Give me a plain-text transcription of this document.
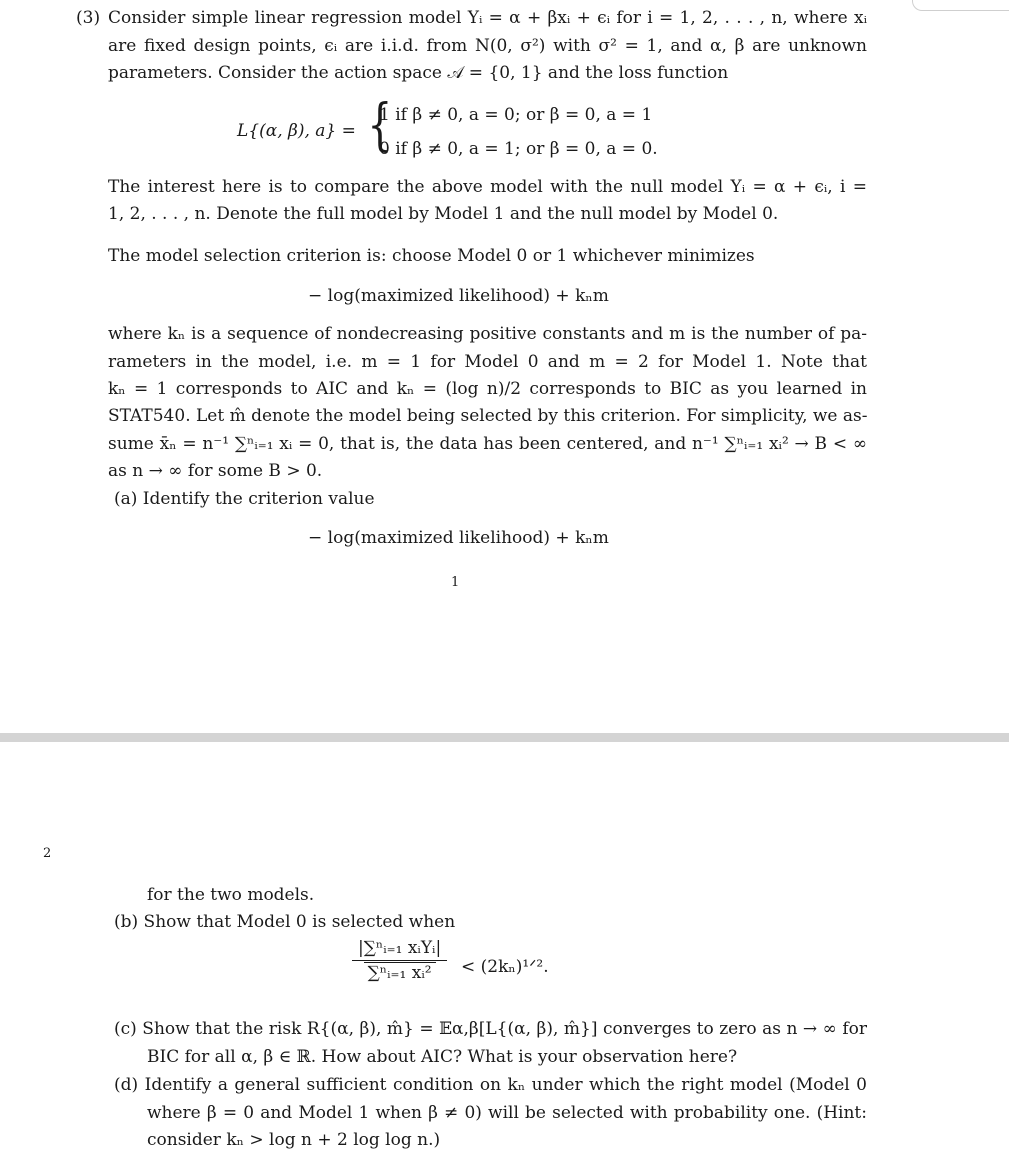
(3) Consider simple linear regression model Yᵢ = α + βxᵢ + ϵᵢ for i = 1, 2, . . . , n, where xᵢ
are fixed design points, ϵᵢ are i.i.d. from N(0, σ²) with σ² = 1, and α, β are unknown
parameters. Consider the action space 𝒜 = {0, 1} and the loss function
L{(α, β), a} = {
1 if β ≠ 0, a = 0; or β = 0, a = 1
0 if β ≠ 0, a = 1; or β = 0, a = 0.
The interest here is to compare the above model with the null model Yᵢ = α + ϵᵢ, i =
1, 2, . . . , n. Denote the full model by Model 1 and the null model by Model 0.
The model selection criterion is: choose Model 0 or 1 whichever minimizes
− log(maximized likelihood) + kₙm
where kₙ is a sequence of nondecreasing positive constants and m is the number of pa-
rameters in the model, i.e. m = 1 for Model 0 and m = 2 for Model 1. Note that
kₙ = 1 corresponds to AIC and kₙ = (log n)/2 corresponds to BIC as you learned in
STAT540. Let m̂ denote the model being selected by this criterion. For simplicity, we as-
sume x̄ₙ = n⁻¹ ∑ⁿᵢ₌₁ xᵢ = 0, that is, the data has been centered, and n⁻¹ ∑ⁿᵢ₌₁ xᵢ² → B < ∞
as n → ∞ for some B > 0.
(a) Identify the criterion value
− log(maximized likelihood) + kₙm
1
2
for the two models.
(b) Show that Model 0 is selected when
|∑ⁿᵢ₌₁ xᵢYᵢ|
∑ⁿᵢ₌₁ xᵢ²	< (2kₙ)¹ᐟ².
(c) Show that the risk R{(α, β), m̂} = 𝔼α,β[L{(α, β), m̂}] converges to zero as n → ∞ for
BIC for all α, β ∈ ℝ. How about AIC? What is your observation here?
(d) Identify a general sufficient condition on kₙ under which the right model (Model 0
where β = 0 and Model 1 when β ≠ 0) will be selected with probability one. (Hint:
consider kₙ > log n + 2 log log n.)
